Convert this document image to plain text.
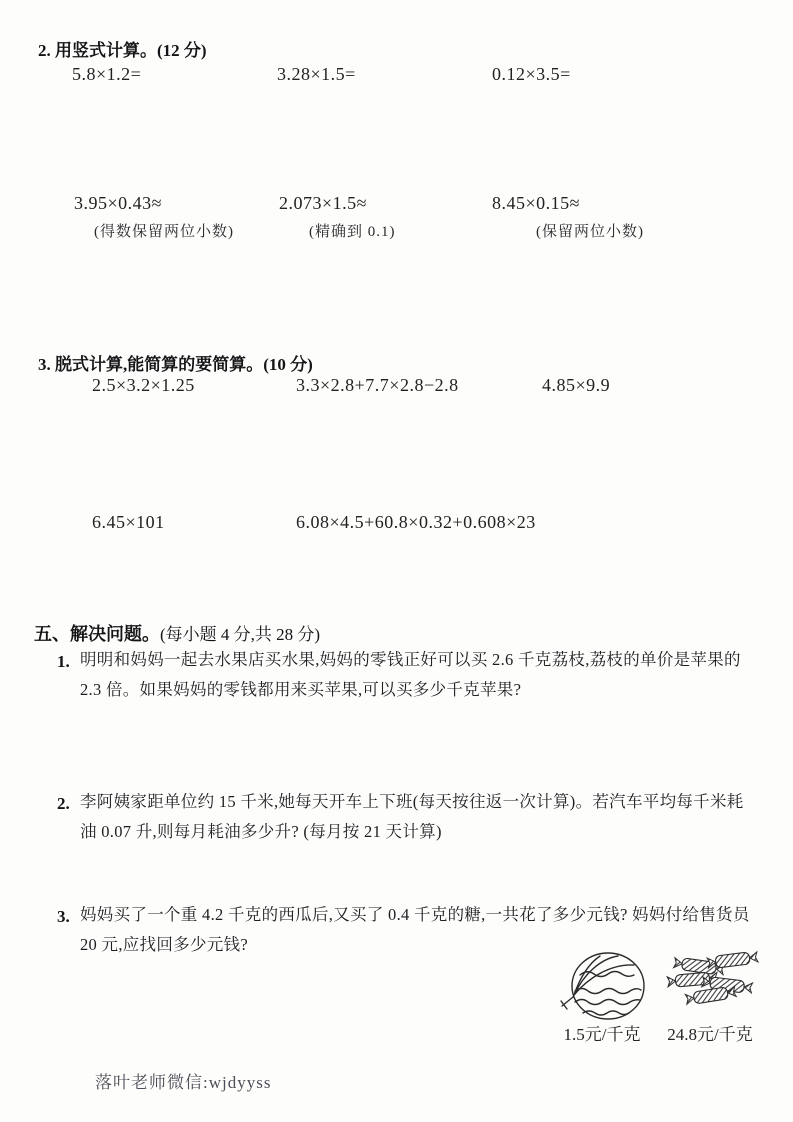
2. 用竖式计算。(12 分)
5.8×1.2=	3.28×1.5=	0.12×3.5=
3.95×0.43≈	2.073×1.5≈	8.45×0.15≈
(得数保留两位小数)	(精确到 0.1)	(保留两位小数)
3. 脱式计算,能简算的要简算。(10 分)
2.5×3.2×1.25	3.3×2.8+7.7×2.8−2.8	4.85×9.9
6.45×101	6.08×4.5+60.8×0.32+0.608×23
五、解决问题。(每小题 4 分,共 28 分)
1. 明明和妈妈一起去水果店买水果,妈妈的零钱正好可以买 2.6 千克荔枝,荔枝的单价是苹果的
2.3 倍。如果妈妈的零钱都用来买苹果,可以买多少千克苹果?
2. 李阿姨家距单位约 15 千米,她每天开车上下班(每天按往返一次计算)。若汽车平均每千米耗
油 0.07 升,则每月耗油多少升? (每月按 21 天计算)
3. 妈妈买了一个重 4.2 千克的西瓜后,又买了 0.4 千克的糖,一共花了多少元钱? 妈妈付给售货员
20 元,应找回多少元钱?
1.5元/千克	24.8元/千克
落叶老师微信:wjdyyss
